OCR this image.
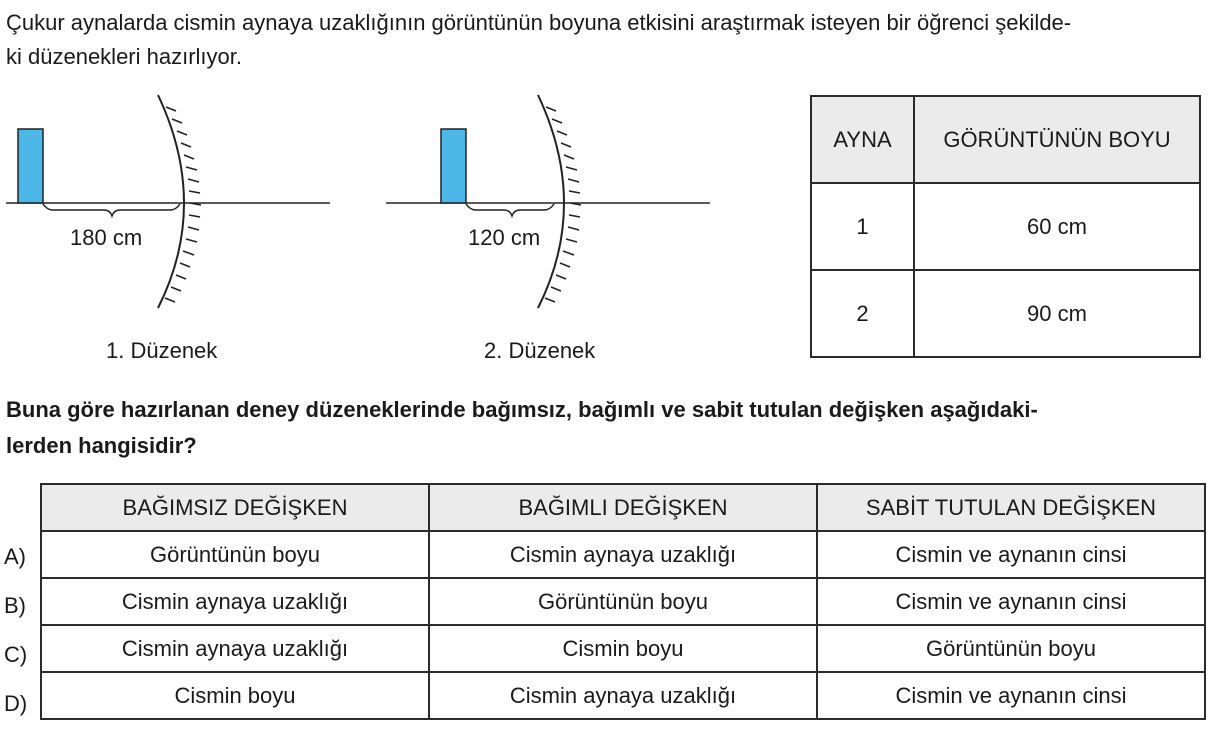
Çukur aynalarda cismin aynaya uzaklığının görüntünün boyuna etkisini araştırmak isteyen bir öğrenci şekilde-
ki düzenekleri hazırlıyor.
180 cm
1. Düzenek
120 cm
2. Düzenek
AYNA	GÖRÜNTÜNÜN BOYU
1	60 cm
2	90 cm
Buna göre hazırlanan deney düzeneklerinde bağımsız, bağımlı ve sabit tutulan değişken aşağıdaki-
lerden hangisidir?
A)
B)
C)
D)
BAĞIMSIZ DEĞİŞKEN	BAĞIMLI DEĞİŞKEN	SABİT TUTULAN DEĞİŞKEN
Görüntünün boyu	Cismin aynaya uzaklığı	Cismin ve aynanın cinsi
Cismin aynaya uzaklığı	Görüntünün boyu	Cismin ve aynanın cinsi
Cismin aynaya uzaklığı	Cismin boyu	Görüntünün boyu
Cismin boyu	Cismin aynaya uzaklığı	Cismin ve aynanın cinsi
